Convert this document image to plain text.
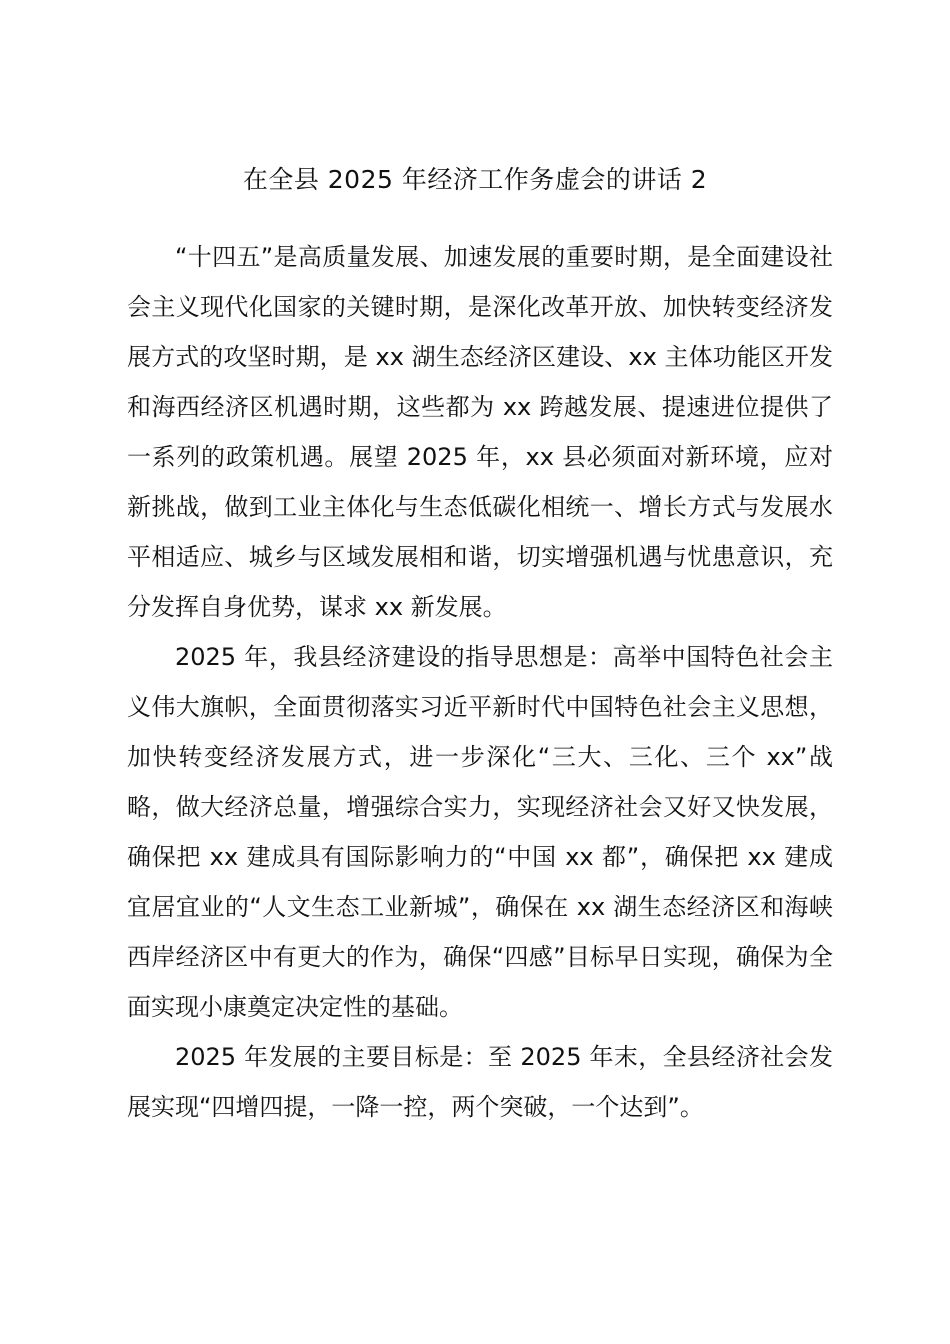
在全县 2025 年经济工作务虚会的讲话 2

“十四五”是高质量发展、加速发展的重要时期，是全面建设社会主义现代化国家的关键时期，是深化改革开放、加快转变经济发展方式的攻坚时期，是 xx 湖生态经济区建设、xx 主体功能区开发和海西经济区机遇时期，这些都为 xx 跨越发展、提速进位提供了一系列的政策机遇。展望 2025 年，xx 县必须面对新环境，应对新挑战，做到工业主体化与生态低碳化相统一、增长方式与发展水平相适应、城乡与区域发展相和谐，切实增强机遇与忧患意识，充分发挥自身优势，谋求 xx 新发展。

2025 年，我县经济建设的指导思想是：高举中国特色社会主义伟大旗帜，全面贯彻落实习近平新时代中国特色社会主义思想，加快转变经济发展方式，进一步深化“三大、三化、三个 xx”战略，做大经济总量，增强综合实力，实现经济社会又好又快发展，确保把 xx 建成具有国际影响力的“中国 xx 都”，确保把 xx 建成宜居宜业的“人文生态工业新城”，确保在 xx 湖生态经济区和海峡西岸经济区中有更大的作为，确保“四感”目标早日实现，确保为全面实现小康奠定决定性的基础。

2025 年发展的主要目标是：至 2025 年末，全县经济社会发展实现“四增四提，一降一控，两个突破，一个达到”。
